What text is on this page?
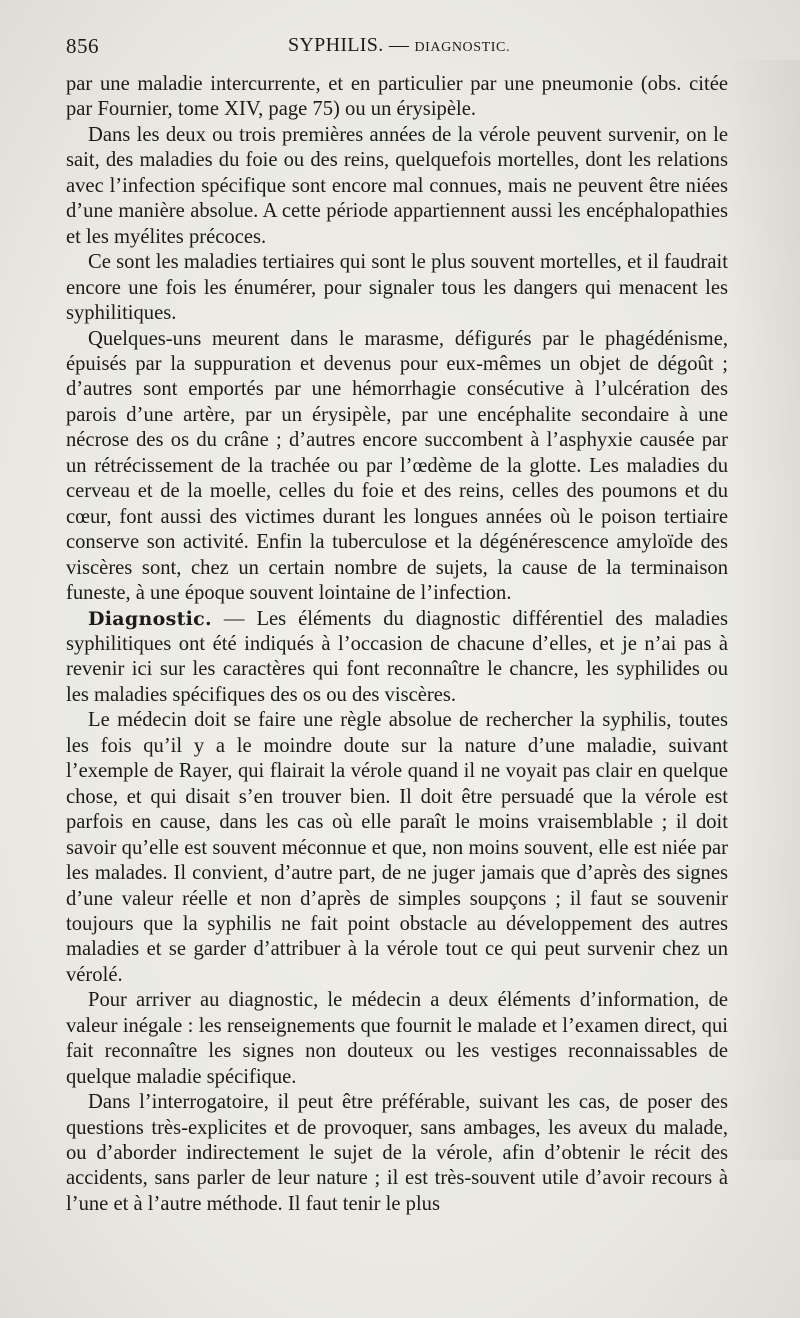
856	SYPHILIS. — DIAGNOSTIC.

par une maladie intercurrente, et en particulier par une pneumonie (obs. citée par Fournier, tome XIV, page 75) ou un érysipèle.

Dans les deux ou trois premières années de la vérole peuvent survenir, on le sait, des maladies du foie ou des reins, quelquefois mortelles, dont les relations avec l’infection spécifique sont encore mal connues, mais ne peuvent être niées d’une manière absolue. A cette période appartiennent aussi les encéphalopathies et les myélites précoces.

Ce sont les maladies tertiaires qui sont le plus souvent mortelles, et il faudrait encore une fois les énumérer, pour signaler tous les dangers qui menacent les syphilitiques.

Quelques-uns meurent dans le marasme, défigurés par le phagédénisme, épuisés par la suppuration et devenus pour eux-mêmes un objet de dégoût ; d’autres sont emportés par une hémorrhagie consécutive à l’ulcération des parois d’une artère, par un érysipèle, par une encéphalite secondaire à une nécrose des os du crâne ; d’autres encore succombent à l’asphyxie causée par un rétrécissement de la trachée ou par l’œdème de la glotte. Les maladies du cerveau et de la moelle, celles du foie et des reins, celles des poumons et du cœur, font aussi des victimes durant les longues années où le poison tertiaire conserve son activité. Enfin la tuberculose et la dégénérescence amyloïde des viscères sont, chez un certain nombre de sujets, la cause de la terminaison funeste, à une époque souvent lointaine de l’infection.

Diagnostic. — Les éléments du diagnostic différentiel des maladies syphilitiques ont été indiqués à l’occasion de chacune d’elles, et je n’ai pas à revenir ici sur les caractères qui font reconnaître le chancre, les syphilides ou les maladies spécifiques des os ou des viscères.

Le médecin doit se faire une règle absolue de rechercher la syphilis, toutes les fois qu’il y a le moindre doute sur la nature d’une maladie, suivant l’exemple de Rayer, qui flairait la vérole quand il ne voyait pas clair en quelque chose, et qui disait s’en trouver bien. Il doit être persuadé que la vérole est parfois en cause, dans les cas où elle paraît le moins vraisemblable ; il doit savoir qu’elle est souvent méconnue et que, non moins souvent, elle est niée par les malades. Il convient, d’autre part, de ne juger jamais que d’après des signes d’une valeur réelle et non d’après de simples soupçons ; il faut se souvenir toujours que la syphilis ne fait point obstacle au développement des autres maladies et se garder d’attribuer à la vérole tout ce qui peut survenir chez un vérolé.

Pour arriver au diagnostic, le médecin a deux éléments d’information, de valeur inégale : les renseignements que fournit le malade et l’examen direct, qui fait reconnaître les signes non douteux ou les vestiges reconnaissables de quelque maladie spécifique.

Dans l’interrogatoire, il peut être préférable, suivant les cas, de poser des questions très-explicites et de provoquer, sans ambages, les aveux du malade, ou d’aborder indirectement le sujet de la vérole, afin d’obtenir le récit des accidents, sans parler de leur nature ; il est très-souvent utile d’avoir recours à l’une et à l’autre méthode. Il faut tenir le plus
